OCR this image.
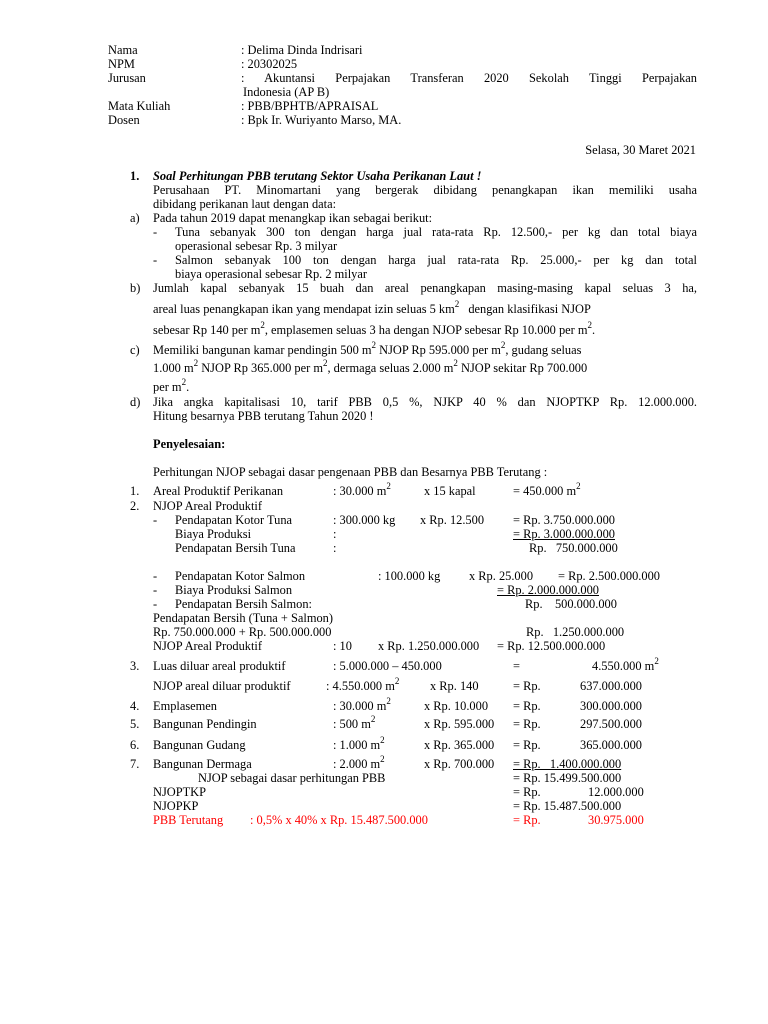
Nama	: Delima Dinda Indrisari
NPM	: 20302025
Jurusan	: Akuntansi Perpajakan Transferan 2020 Sekolah Tinggi Perpajakan
Indonesia (AP B)
Mata Kuliah	: PBB/BPHTB/APRAISAL
Dosen	: Bpk Ir. Wuriyanto Marso, MA.
Selasa, 30 Maret 2021
1. Soal Perhitungan PBB terutang Sektor Usaha Perikanan Laut !
Perusahaan PT. Minomartani yang bergerak dibidang penangkapan ikan memiliki usaha
dibidang perikanan laut dengan data:
a) Pada tahun 2019 dapat menangkap ikan sebagai berikut:
- Tuna sebanyak 300 ton dengan harga jual rata-rata Rp. 12.500,- per kg dan total biaya
operasional sebesar Rp. 3 milyar
- Salmon sebanyak 100 ton dengan harga jual rata-rata Rp. 25.000,- per kg dan total
biaya operasional sebesar Rp. 2 milyar
b) Jumlah kapal sebanyak 15 buah dan areal penangkapan masing-masing kapal seluas 3 ha,
areal luas penangkapan ikan yang mendapat izin seluas 5 $km^2$ dengan klasifikasi NJOP
sebesar Rp 140 per $m^2$, emplasemen seluas 3 ha dengan NJOP sebesar Rp 10.000 per $m^2$.
c) Memiliki bangunan kamar pendingin 500 $m^2$ NJOP Rp 595.000 per $m^2$, gudang seluas
1.000 $m^2$ NJOP Rp 365.000 per $m^2$, dermaga seluas 2.000 $m^2$ NJOP sekitar Rp 700.000
per $m^2$.
d) Jika angka kapitalisasi 10, tarif PBB 0,5 %, NJKP 40 % dan NJOPTKP Rp. 12.000.000.
Hitung besarnya PBB terutang Tahun 2020 !
Penyelesaian:
Perhitungan NJOP sebagai dasar pengenaan PBB dan Besarnya PBB Terutang :
1. Areal Produktif Perikanan	: 30.000 $m^2$	x 15 kapal	= 450.000 $m^2$
2. NJOP Areal Produktif
- Pendapatan Kotor Tuna	: 300.000 kg x Rp. 12.500 = Rp. 3.750.000.000
Biaya Produksi	:	= Rp. 3.000.000.000
Pendapatan Bersih Tuna	:	Rp.   750.000.000
- Pendapatan Kotor Salmon	: 100.000 kg x Rp. 25.000 = Rp. 2.500.000.000
- Biaya Produksi Salmon	= Rp. 2.000.000.000
- Pendapatan Bersih Salmon:	Rp.    500.000.000
Pendapatan Bersih (Tuna + Salmon)
Rp. 750.000.000 + Rp. 500.000.000	Rp.   1.250.000.000
NJOP Areal Produktif	: 10 x Rp. 1.250.000.000 = Rp. 12.500.000.000
3. Luas diluar areal produktif	: 5.000.000 – 450.000	=	4.550.000 $m^2$
NJOP areal diluar produktif	: 4.550.000 $m^2$ x Rp. 140	= Rp.	637.000.000
4. Emplasemen	: 30.000 $m^2$	x Rp. 10.000 = Rp.	300.000.000
5. Bangunan Pendingin	: 500 $m^2$	x Rp. 595.000 = Rp.	297.500.000
6. Bangunan Gudang	: 1.000 $m^2$	x Rp. 365.000 = Rp.	365.000.000
7. Bangunan Dermaga	: 2.000 $m^2$	x Rp. 700.000 = Rp.   1.400.000.000
NJOP sebagai dasar perhitungan PBB	= Rp. 15.499.500.000
NJOPTKP	= Rp.	12.000.000
NJOPKP	= Rp. 15.487.500.000
PBB Terutang : 0,5% x 40% x Rp. 15.487.500.000	= Rp.	30.975.000
